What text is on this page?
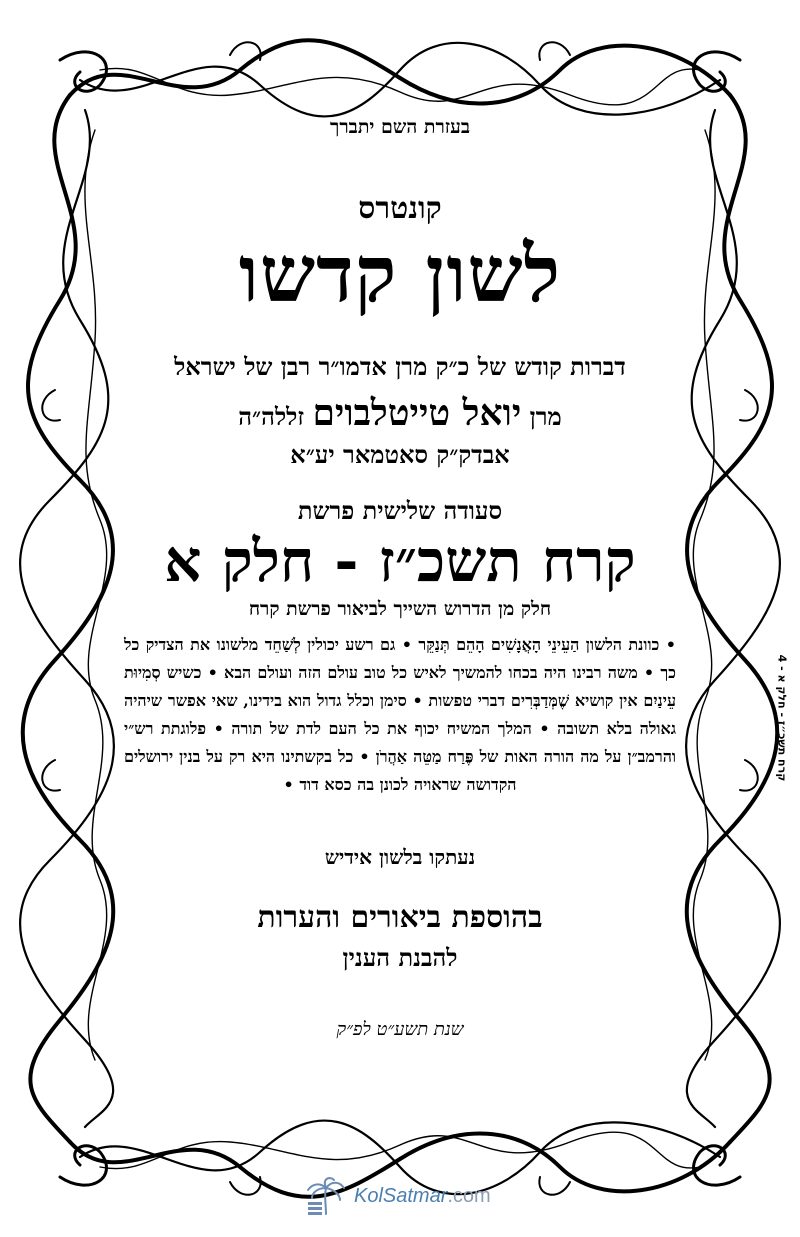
בעזרת השם יתברך
קונטרס
לשון קדשו
דברות קודש של כ״ק מרן אדמו״ר רבן של ישראל
מרן יואל טייטלבוים זללה״ה
אבדק״ק סאטמאר יע״א
סעודה שלישית פרשת
קרח תשכ״ז - חלק א
חלק מן הדרוש השייך לביאור פרשת קרח
• כוונת הלשון הַעֵינֵי הָאֲנָשִׁים הָהֵם תְּנַקֵּר • גם רשע יכולין לְשַׁחֵד מלשונו את הצדיק כל כך • משה רבינו היה בכחו להמשיך לאיש כל טוב עולם הזה ועולם הבא • כשיש סְמִיוּת עֵינַיִם אין קושיא שֶׁמְּדַבְּרִים דברי טפשות • סימן וכלל גדול הוא בידינו, שאי אפשר שיהיה גאולה בלא תשובה • המלך המשיח יכוף את כל העם לדת של תורה • פלוגתת רש״י והרמב״ן על מה הורה האות של פֶּרַח מַטֵּה אַהֲרֹן • כל בקשתינו היא רק על בנין ירושלים הקדושה שראויה לכונן בה כסא דוד •
נעתקו בלשון אידיש
בהוספת ביאורים והערות
להבנת הענין
שנת תשע״ט לפ״ק
קרח תשכ״ז - חלק א - 4
KolSatmar.com
